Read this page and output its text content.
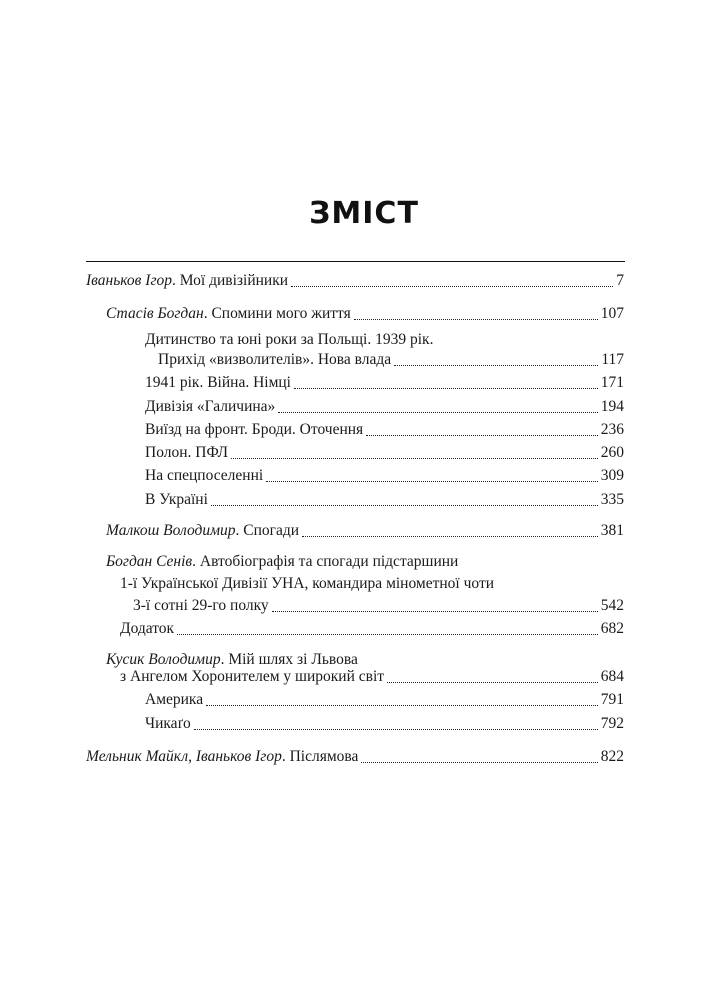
ЗМІСТ
Іваньков Ігор. Мої дивізійники	7
Стасів Богдан. Спомини мого життя	107
Дитинство та юні роки за Польщі. 1939 рік.
Прихід «визволителів». Нова влада	117
1941 рік. Війна. Німці	171
Дивізія «Галичина»	194
Виїзд на фронт. Броди. Оточення	236
Полон. ПФЛ	260
На спецпоселенні	309
В Україні	335
Малкош Володимир. Спогади	381
Богдан Сенів. Автобіографія та спогади підстаршини
1-ї Української Дивізії УНА, командира мінометної чоти
3-ї сотні 29-го полку	542
Додаток	682
Кусик Володимир. Мій шлях зі Львова
з Ангелом Хоронителем у широкий світ	684
Америка	791
Чикаґо	792
Мельник Майкл, Іваньков Ігор. Післямова	822
